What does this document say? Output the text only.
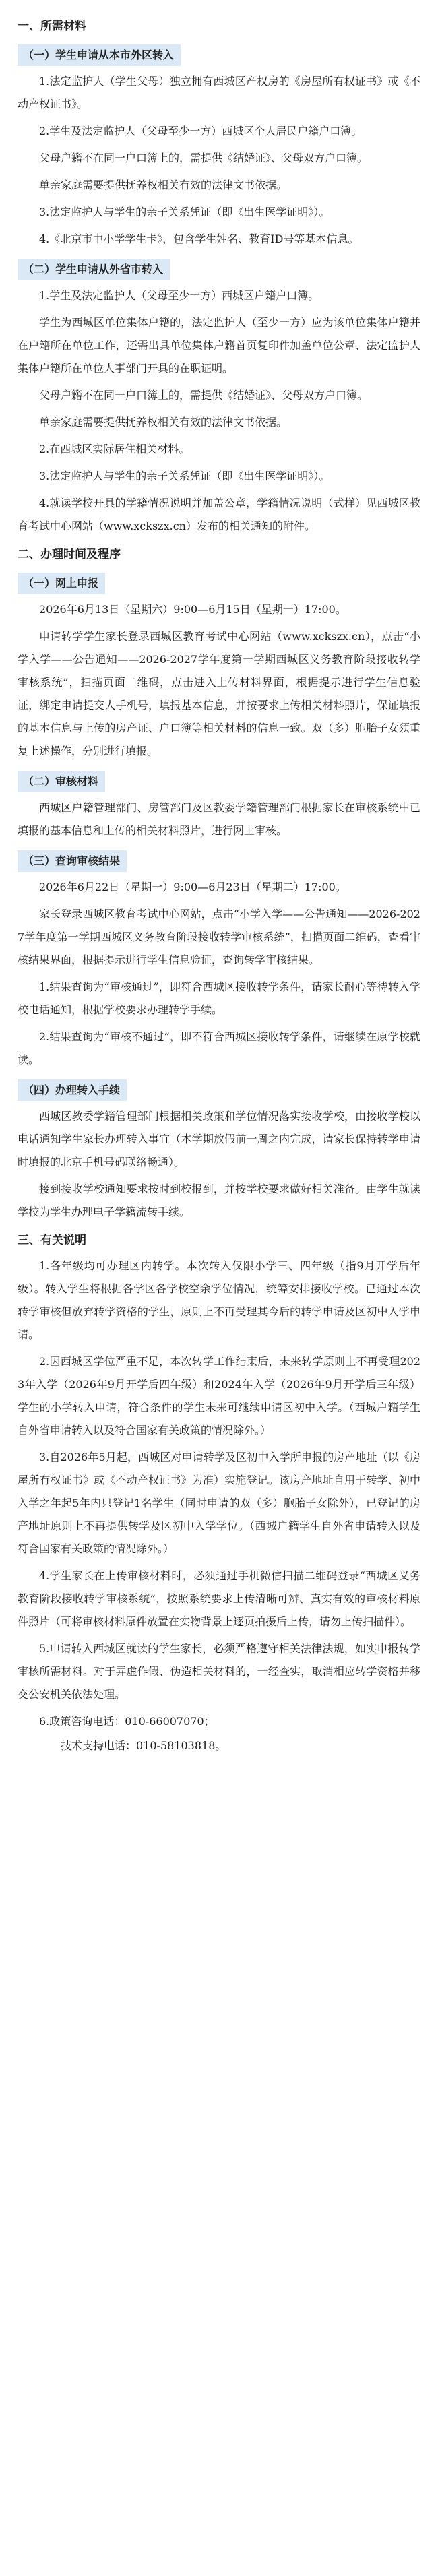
一、所需材料
（一）学生申请从本市外区转入
1.法定监护人（学生父母）独立拥有西城区产权房的《房屋所有权证书》或《不动产权证书》。
2.学生及法定监护人（父母至少一方）西城区个人居民户籍户口簿。
父母户籍不在同一户口簿上的，需提供《结婚证》、父母双方户口簿。
单亲家庭需要提供抚养权相关有效的法律文书依据。
3.法定监护人与学生的亲子关系凭证（即《出生医学证明》）。
4.《北京市中小学学生卡》，包含学生姓名、教育ID号等基本信息。
（二）学生申请从外省市转入
1.学生及法定监护人（父母至少一方）西城区户籍户口簿。
学生为西城区单位集体户籍的，法定监护人（至少一方）应为该单位集体户籍并在户籍所在单位工作，还需出具单位集体户籍首页复印件加盖单位公章、法定监护人集体户籍所在单位人事部门开具的在职证明。
父母户籍不在同一户口簿上的，需提供《结婚证》、父母双方户口簿。
单亲家庭需要提供抚养权相关有效的法律文书依据。
2.在西城区实际居住相关材料。
3.法定监护人与学生的亲子关系凭证（即《出生医学证明》）。
4.就读学校开具的学籍情况说明并加盖公章，学籍情况说明（式样）见西城区教育考试中心网站（www.xckszx.cn）发布的相关通知的附件。
二、办理时间及程序
（一）网上申报
2026年6月13日（星期六）9:00—6月15日（星期一）17:00。
申请转学学生家长登录西城区教育考试中心网站（www.xckszx.cn），点击“小学入学——公告通知——2026-2027学年度第一学期西城区义务教育阶段接收转学审核系统”，扫描页面二维码，点击进入上传材料界面，根据提示进行学生信息验证，绑定申请提交人手机号，填报基本信息，并按要求上传相关材料照片，保证填报的基本信息与上传的房产证、户口簿等相关材料的信息一致。双（多）胞胎子女须重复上述操作，分别进行填报。
（二）审核材料
西城区户籍管理部门、房管部门及区教委学籍管理部门根据家长在审核系统中已填报的基本信息和上传的相关材料照片，进行网上审核。
（三）查询审核结果
2026年6月22日（星期一）9:00—6月23日（星期二）17:00。
家长登录西城区教育考试中心网站，点击“小学入学——公告通知——2026-2027学年度第一学期西城区义务教育阶段接收转学审核系统”，扫描页面二维码，查看审核结果界面，根据提示进行学生信息验证，查询转学审核结果。
1.结果查询为“审核通过”，即符合西城区接收转学条件，请家长耐心等待转入学校电话通知，根据学校要求办理转学手续。
2.结果查询为“审核不通过”，即不符合西城区接收转学条件，请继续在原学校就读。
（四）办理转入手续
西城区教委学籍管理部门根据相关政策和学位情况落实接收学校，由接收学校以电话通知学生家长办理转入事宜（本学期放假前一周之内完成，请家长保持转学申请时填报的北京手机号码联络畅通）。
接到接收学校通知要求按时到校报到，并按学校要求做好相关准备。由学生就读学校为学生办理电子学籍流转手续。
三、有关说明
1.各年级均可办理区内转学。本次转入仅限小学三、四年级（指9月开学后年级）。转入学生将根据各学区各学校空余学位情况，统筹安排接收学校。已通过本次转学审核但放弃转学资格的学生，原则上不再受理其今后的转学申请及区初中入学申请。
2.因西城区学位严重不足，本次转学工作结束后，未来转学原则上不再受理2023年入学（2026年9月开学后四年级）和2024年入学（2026年9月开学后三年级）学生的小学转入申请，符合条件的学生未来可继续申请区初中入学。（西城户籍学生自外省申请转入以及符合国家有关政策的情况除外。）
3.自2026年5月起，西城区对申请转学及区初中入学所申报的房产地址（以《房屋所有权证书》或《不动产权证书》为准）实施登记。该房产地址自用于转学、初中入学之年起5年内只登记1名学生（同时申请的双（多）胞胎子女除外），已登记的房产地址原则上不再提供转学及区初中入学学位。（西城户籍学生自外省申请转入以及符合国家有关政策的情况除外。）
4.学生家长在上传审核材料时，必须通过手机微信扫描二维码登录“西城区义务教育阶段接收转学审核系统”，按照系统要求上传清晰可辨、真实有效的审核材料原件照片（可将审核材料原件放置在实物背景上逐页拍摄后上传，请勿上传扫描件）。
5.申请转入西城区就读的学生家长，必须严格遵守相关法律法规，如实申报转学审核所需材料。对于弄虚作假、伪造相关材料的，一经查实，取消相应转学资格并移交公安机关依法处理。
6.政策咨询电话：010-66007070；
技术支持电话：010-58103818。
